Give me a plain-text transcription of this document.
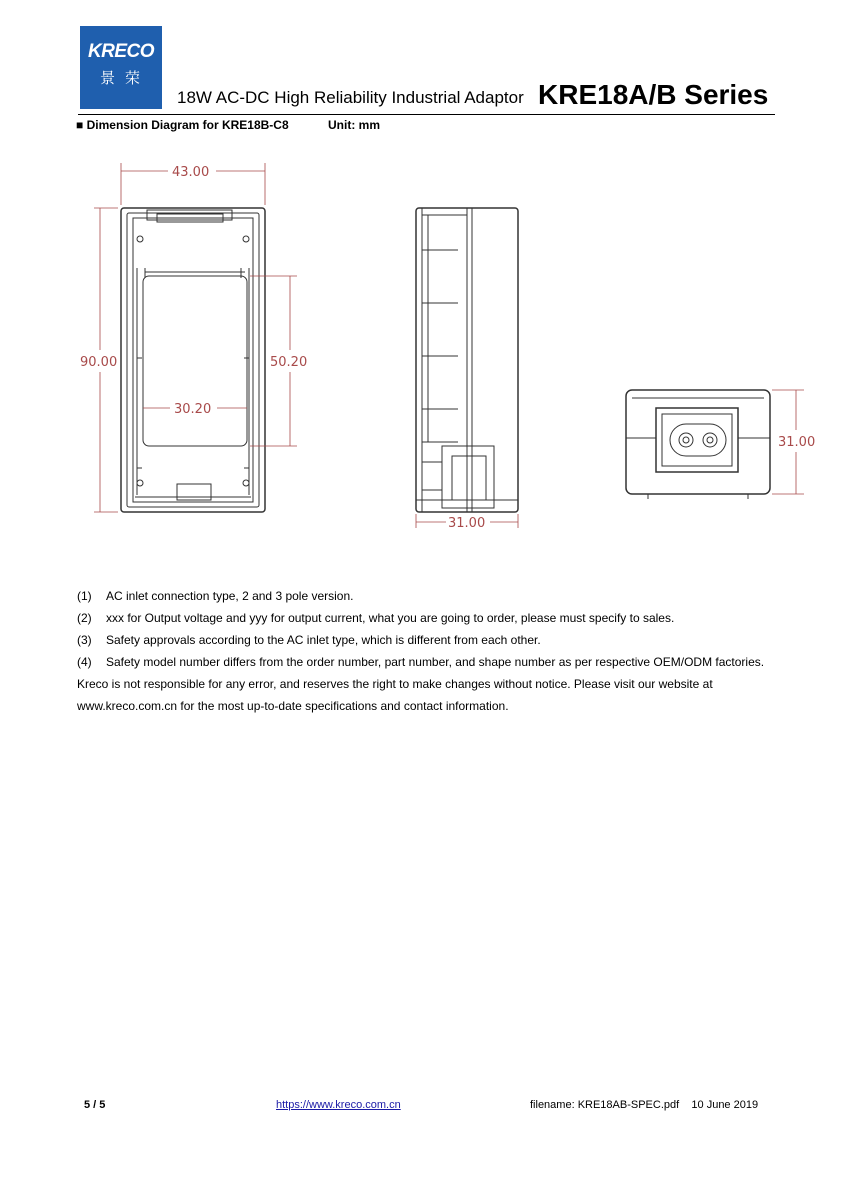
KRECO
景荣
18W AC-DC High Reliability Industrial Adaptor KRE18A/B Series
■ Dimension Diagram for KRE18B-C8	Unit: mm
43.00
90.00	50.20
30.20
31.00
31.00
(1) AC inlet connection type, 2 and 3 pole version.
(2) xxx for Output voltage and yyy for output current, what you are going to order, please must specify to sales.
(3) Safety approvals according to the AC inlet type, which is different from each other.
(4) Safety model number differs from the order number, part number, and shape number as per respective OEM/ODM factories.
Kreco is not responsible for any error, and reserves the right to make changes without notice. Please visit our website at
www.kreco.com.cn for the most up-to-date specifications and contact information.
5 / 5	https://www.kreco.com.cn	filename: KRE18AB-SPEC.pdf    10 June 2019
